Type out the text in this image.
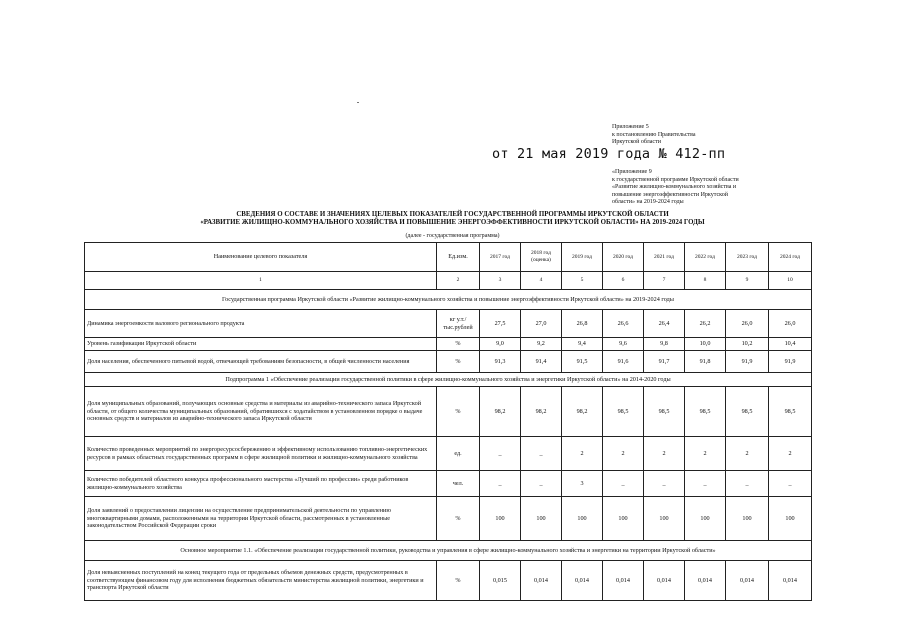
Приложение 5
к постановлению Правительства
Иркутской области
от 21 мая 2019 года № 412-пп
«Приложение 9
к государственной программе Иркутской области
«Развитие жилищно-коммунального хозяйства и
повышение энергоэффективности Иркутской
области» на 2019-2024 годы
СВЕДЕНИЯ О СОСТАВЕ И ЗНАЧЕНИЯХ ЦЕЛЕВЫХ ПОКАЗАТЕЛЕЙ ГОСУДАРСТВЕННОЙ ПРОГРАММЫ ИРКУТСКОЙ ОБЛАСТИ
«РАЗВИТИЕ ЖИЛИЩНО-КОММУНАЛЬНОГО ХОЗЯЙСТВА И ПОВЫШЕНИЕ ЭНЕРГОЭФФЕКТИВНОСТИ ИРКУТСКОЙ ОБЛАСТИ» НА 2019-2024 ГОДЫ
(далее - государственная программа)
Наименование целевого показателя	Ед.изм.	2017 год	2018 год (оценка)	2019 год	2020 год	2021 год	2022 год	2023 год	2024 год
1	2	3	4	5	6	7	8	9	10
Государственная программа Иркутской области «Развитие жилищно-коммунального хозяйства и повышение энергоэффективности Иркутской области» на 2019-2024 годы									
Динамика энергоемкости валового регионального продукта	кг у.т./ тыс.рублей	27,5	27,0	26,8	26,6	26,4	26,2	26,0	26,0
Уровень газификации Иркутской области	%	9,0	9,2	9,4	9,6	9,8	10,0	10,2	10,4
Доля населения, обеспеченного питьевой водой, отвечающей требованиям безопасности, в общей численности населения	%	91,3	91,4	91,5	91,6	91,7	91,8	91,9	91,9
Подпрограмма 1 «Обеспечение реализации государственной политики в сфере жилищно-коммунального хозяйства и энергетики Иркутской области» на 2014-2020 годы									
Доля муниципальных образований, получающих основные средства и материалы из аварийно-технического запаса Иркутской области, от общего количества муниципальных образований, обратившихся с ходатайством в установленном порядке о выдаче основных средств и материалов из аварийно-технического запаса Иркутской области	%	98,2	98,2	98,2	98,5	98,5	98,5	98,5	98,5
Количество проведенных мероприятий по энергоресурсосбережению и эффективному использованию топливно-энергетических ресурсов в рамках областных государственных программ в сфере жилищной политики и жилищно-коммунального хозяйства	ед.	_	_	2	2	2	2	2	2
Количество победителей областного конкурса профессионального мастерства «Лучший по профессии» среди работников жилищно-коммунального хозяйства	чел.	_	_	3	_	_	_	_	_
Доля заявлений о предоставлении лицензии на осуществление предпринимательской деятельности по управлению многоквартирными домами, расположенными на территории Иркутской области, рассмотренных в установленные законодательством Российской Федерации сроки	%	100	100	100	100	100	100	100	100
Основное мероприятие 1.1. «Обеспечение реализации государственной политики, руководства и управления в сфере жилищно-коммунального хозяйства и энергетики на территории Иркутской области»									
Доля невыясненных поступлений на конец текущего года от предельных объемов денежных средств, предусмотренных в соответствующем финансовом году для исполнения бюджетных обязательств министерства жилищной политики, энергетики и транспорта Иркутской области	%	0,015	0,014	0,014	0,014	0,014	0,014	0,014	0,014
